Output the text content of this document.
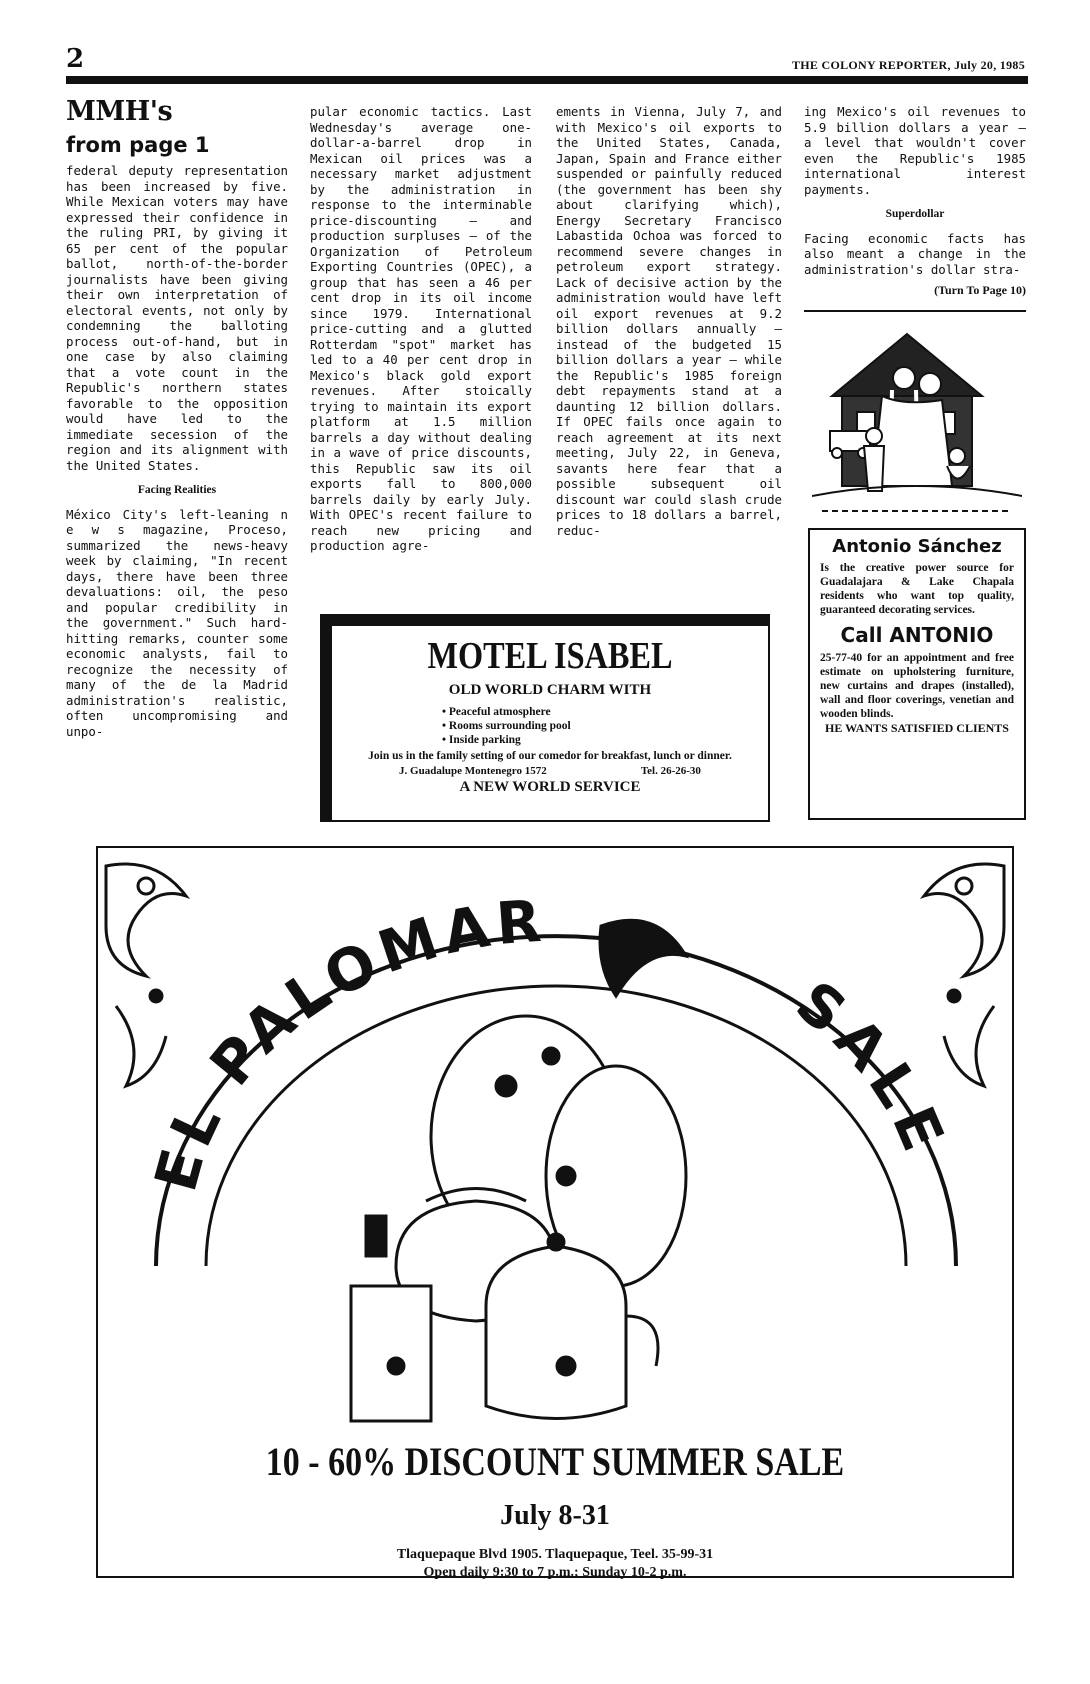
2	THE COLONY REPORTER, July 20, 1985

MMH's

from page 1

federal deputy representation has been increased by five. While Mexican voters may have expressed their confidence in the ruling PRI, by giving it 65 per cent of the popular ballot, north-of-the-border journalists have been giving their own interpretation of electoral events, not only by condemning the balloting process out-of-hand, but in one case by also claiming that a vote count in the Republic's northern states favorable to the opposition would have led to the immediate secession of the region and its alignment with the United States.

Facing Realities

México City's left-leaning n e w s magazine, Proceso, summarized the news-heavy week by claiming, "In recent days, there have been three devaluations: oil, the peso and popular credibility in the government." Such hard-hitting remarks, counter some economic analysts, fail to recognize the necessity of many of the de la Madrid administration's realistic, often uncompromising and unpo-

pular economic tactics. Last Wednesday's average one-dollar-a-barrel drop in Mexican oil prices was a necessary market adjustment by the administration in response to the interminable price-discounting — and production surpluses — of the Organization of Petroleum Exporting Countries (OPEC), a group that has seen a 46 per cent drop in its oil income since 1979. International price-cutting and a glutted Rotterdam "spot" market has led to a 40 per cent drop in Mexico's black gold export revenues. After stoically trying to maintain its export platform at 1.5 million barrels a day without dealing in a wave of price discounts, this Republic saw its oil exports fall to 800,000 barrels daily by early July. With OPEC's recent failure to reach new pricing and production agre-

ements in Vienna, July 7, and with Mexico's oil exports to the United States, Canada, Japan, Spain and France either suspended or painfully reduced (the government has been shy about clarifying which), Energy Secretary Francisco Labastida Ochoa was forced to recommend severe changes in petroleum export strategy. Lack of decisive action by the administration would have left oil export revenues at 9.2 billion dollars annually — instead of the budgeted 15 billion dollars a year — while the Republic's 1985 foreign debt repayments stand at a daunting 12 billion dollars. If OPEC fails once again to reach agreement at its next meeting, July 22, in Geneva, savants here fear that a possible subsequent oil discount war could slash crude prices to 18 dollars a barrel, reduc-

ing Mexico's oil revenues to 5.9 billion dollars a year — a level that wouldn't cover even the Republic's 1985 international interest payments.

Superdollar

Facing economic facts has also meant a change in the administration's dollar stra-

(Turn To Page 10)
Antonio Sánchez
Is the creative power source for Guadalajara & Lake Chapala residents who want top quality, guaranteed decorating services.
Call ANTONIO
25-77-40 for an appointment and free estimate on upholstering furniture, new curtains and drapes (installed), wall and floor coverings, venetian and wooden blinds.
HE WANTS SATISFIED CLIENTS
MOTEL ISABEL
OLD WORLD CHARM WITH
• Peaceful atmosphere
• Rooms surrounding pool
• Inside parking
Join us in the family setting of our comedor for breakfast, lunch or dinner.
J. Guadalupe Montenegro 1572	Tel. 26-26-30
A NEW WORLD SERVICE
EL PALOMAR
SALE
10 - 60% DISCOUNT SUMMER SALE
July 8-31
Tlaquepaque Blvd 1905. Tlaquepaque, Teel. 35-99-31
Open daily 9:30 to 7 p.m.; Sunday 10-2 p.m.
